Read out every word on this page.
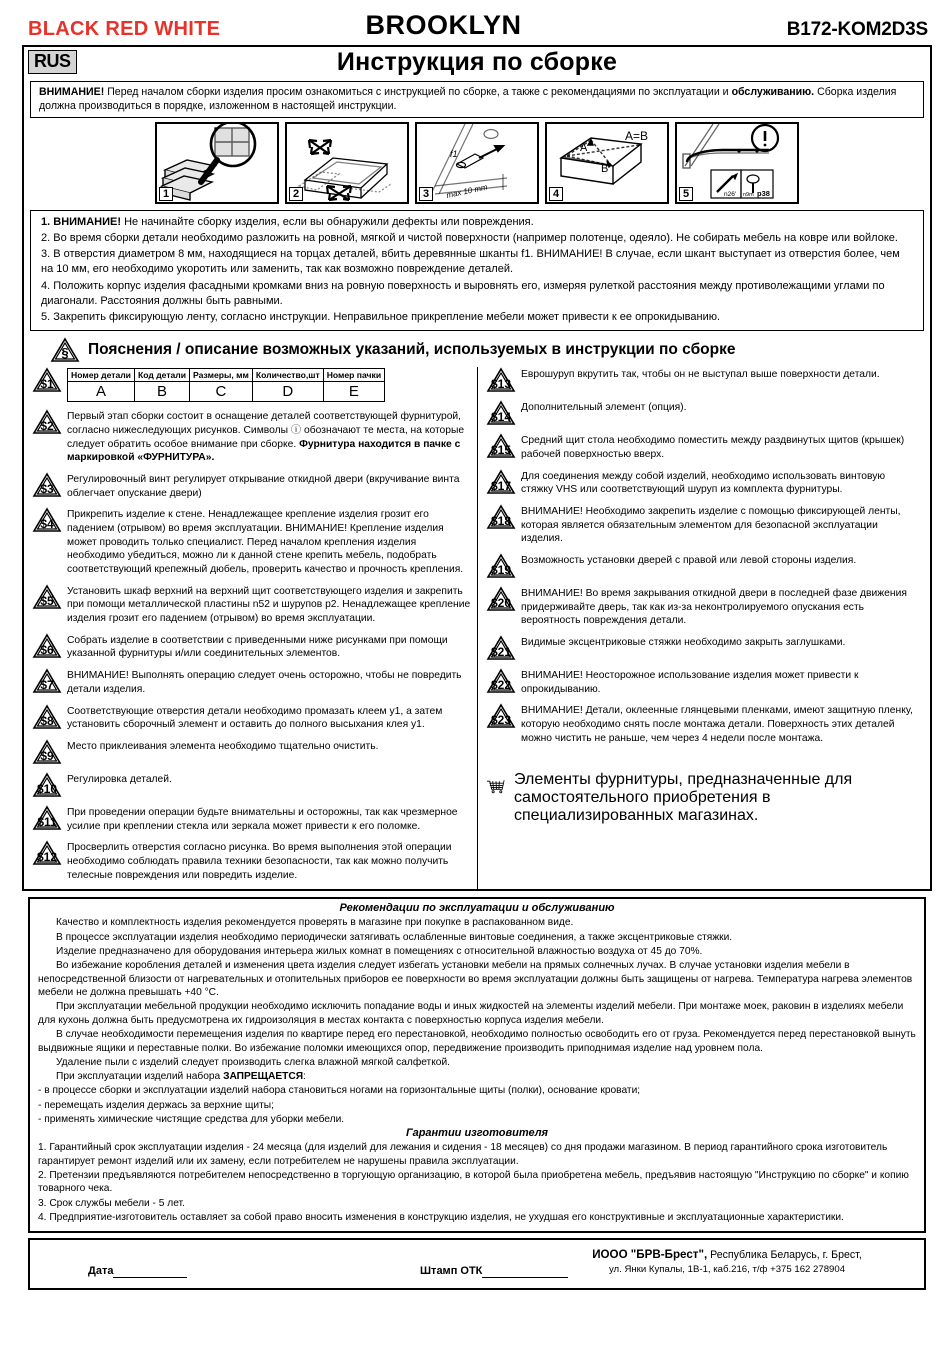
BLACK RED WHITE	BROOKLYN	B172-KOM2D3S
RUS	Инструкция по сборке
ВНИМАНИЕ! Перед началом сборки изделия просим ознакомиться с инструкцией по сборке, а также с рекомендациями по эксплуатации и обслуживанию. Сборка изделия должна производиться в порядке, изложенном в настоящей инструкции.
1	2
f1
max 10 mm
3
A=B
A
B
4	n26' n9m p38
5

1. ВНИМАНИЕ! Не начинайте сборку изделия, если вы обнаружили дефекты или повреждения.

2. Во время сборки детали необходимо разложить на ровной, мягкой и чистой поверхности (например полотенце, одеяло). Не собирать мебель на ковре или войлоке.

3. В отверстия диаметром 8 мм, находящиеся на торцах деталей, вбить деревянные шканты f1. ВНИМАНИЕ! В случае, если шкант выступает из отверстия более, чем на 10 мм, его необходимо укоротить или заменить, так как возможно повреждение деталей.

4. Положить корпус изделия фасадными кромками вниз на ровную поверхность и выровнять его, измеряя рулеткой расстояния между противолежащими углами по диагонали. Расстояния должны быть равными.

5. Закрепить фиксирующую ленту, согласно инструкции. Неправильное прикрепление мебели может привести к ее опрокидыванию.

§	Пояснения / описание возможных указаний, используемых в инструкции по сборке
$1
Номер детали	Код детали	Размеры, мм	Количество,шт	Номер пачки
A	B	C	D	E
$2
Первый этап сборки состоит в оснащение деталей соответствующей фурнитурой, согласно нижеследующих рисунков. Символы ⓘ обозначают те места, на которые следует обратить особое внимание при сборке. Фурнитура находится в пачке с маркировкой «ФУРНИТУРА».
$3
Регулировочный винт регулирует открывание откидной двери (вкручивание винта облегчает опускание двери)
$4
Прикрепить изделие к стене. Ненадлежащее крепление изделия грозит его падением (отрывом) во время эксплуатации. ВНИМАНИЕ! Крепление изделия может проводить только специалист. Перед началом крепления изделия необходимо убедиться, можно ли к данной стене крепить мебель, подобрать соответствующий крепежный дюбель, проверить качество и прочность крепления.
$5
Установить шкаф верхний на верхний щит соответствующего изделия и закрепить при помощи металлической пластины n52 и шурупов p2. Ненадлежащее крепление изделия грозит его падением (отрывом) во время эксплуатации.
$6
Собрать изделие в соответствии с приведенными ниже рисунками при помощи указанной фурнитуры и/или соединительных элементов.
$7
ВНИМАНИЕ! Выполнять операцию следует очень осторожно, чтобы не повредить детали изделия.
$8
Соответствующие отверстия детали необходимо промазать клеем y1, а затем установить сборочный элемент и оставить до полного высыхания клея y1.
$9
Место приклеивания элемента необходимо тщательно очистить.
$10
Регулировка деталей.
$11
При проведении операции будьте внимательны и осторожны, так как чрезмерное усилие при креплении стекла или зеркала может привести к его поломке.
$12
Просверлить отверстия согласно рисунка. Во время выполнения этой операции необходимо соблюдать правила техники безопасности, так как можно получить телесные повреждения или повредить изделие.
$13
Еврошуруп вкрутить так, чтобы он не выступал выше поверхности детали.
$14
Дополнительный элемент (опция).
$15
Средний щит стола необходимо поместить между раздвинутых щитов (крышек) рабочей поверхностью вверх.
$17
Для соединения между собой изделий, необходимо использовать винтовую стяжку VHS или соответствующий шуруп из комплекта фурнитуры.
$18
ВНИМАНИЕ! Необходимо закрепить изделие с помощью фиксирующей ленты, которая является обязательным элементом для безопасной эксплуатации изделия.
$19
Возможность установки дверей с правой или левой стороны изделия.
$20
ВНИМАНИЕ! Во время закрывания откидной двери в последней фазе движения придерживайте дверь, так как из-за неконтролируемого опускания есть вероятность повреждения детали.
$21
Видимые эксцентриковые стяжки необходимо закрыть заглушками.
$22
ВНИМАНИЕ! Неосторожное использование изделия может привести к опрокидыванию.
$23
ВНИМАНИЕ! Детали, оклеенные глянцевыми пленками, имеют защитную пленку, которую необходимо снять после монтажа детали. Поверхность этих деталей можно чистить не раньше, чем через 4 недели после монтажа.
Элементы фурнитуры, предназначенные для самостоятельного приобретения в специализированных магазинах.
Рекомендации по эксплуатации и обслуживанию

Качество и комплектность изделия рекомендуется проверять в магазине при покупке в распакованном виде.

В процессе эксплуатации изделия необходимо периодически затягивать ослабленные винтовые соединения, а также эксцентриковые стяжки.

Изделие предназначено для оборудования интерьера жилых комнат в помещениях с относительной влажностью воздуха от 45 до 70%.

Во избежание коробления деталей и изменения цвета изделия следует избегать установки мебели на прямых солнечных лучах. В случае установки изделия мебели в непосредственной близости от нагревательных и отопительных приборов ее поверхности во время эксплуатации должны быть защищены от нагрева. Температура нагрева элементов мебели не должна превышать +40 °С.

При эксплуатации мебельной продукции необходимо исключить попадание воды и иных жидкостей на элементы изделий мебели. При монтаже моек, раковин в изделиях мебели для кухонь должна быть предусмотрена их гидроизоляция в местах контакта с поверхностью корпуса изделия мебели.

В случае необходимости перемещения изделия по квартире перед его перестановкой, необходимо полностью освободить его от груза. Рекомендуется перед перестановкой вынуть выдвижные ящики и переставные полки. Во избежание поломки имеющихся опор, передвижение производить приподнимая изделие над уровнем пола.

Удаление пыли с изделий следует производить слегка влажной мягкой салфеткой.

При эксплуатации изделий набора ЗАПРЕЩАЕТСЯ:

- в процессе сборки и эксплуатации изделий набора становиться ногами на горизонтальные щиты (полки), основание кровати;

- перемещать изделия держась за верхние щиты;

- применять химические чистящие средства для уборки мебели.

Гарантии изготовителя

1. Гарантийный срок эксплуатации изделия - 24 месяца (для изделий для лежания и сидения - 18 месяцев) со дня продажи магазином. В период гарантийного срока изготовитель гарантирует ремонт изделий или их замену, если потребителем не нарушены правила эксплуатации.

2. Претензии предъявляются потребителем непосредственно в торгующую организацию, в которой была приобретена мебель, предъявив настоящую "Инструкцию по сборке" и копию товарного чека.

3. Срок службы мебели - 5 лет.

4. Предприятие-изготовитель оставляет за собой право вносить изменения в конструкцию изделия, не ухудшая его конструктивные и эксплуатационные характеристики.

Дата	Штамп ОТК
ИООО "БРВ-Брест", Республика Беларусь, г. Брест,
ул. Янки Купалы, 1В-1, каб.216, т/ф +375 162 278904
